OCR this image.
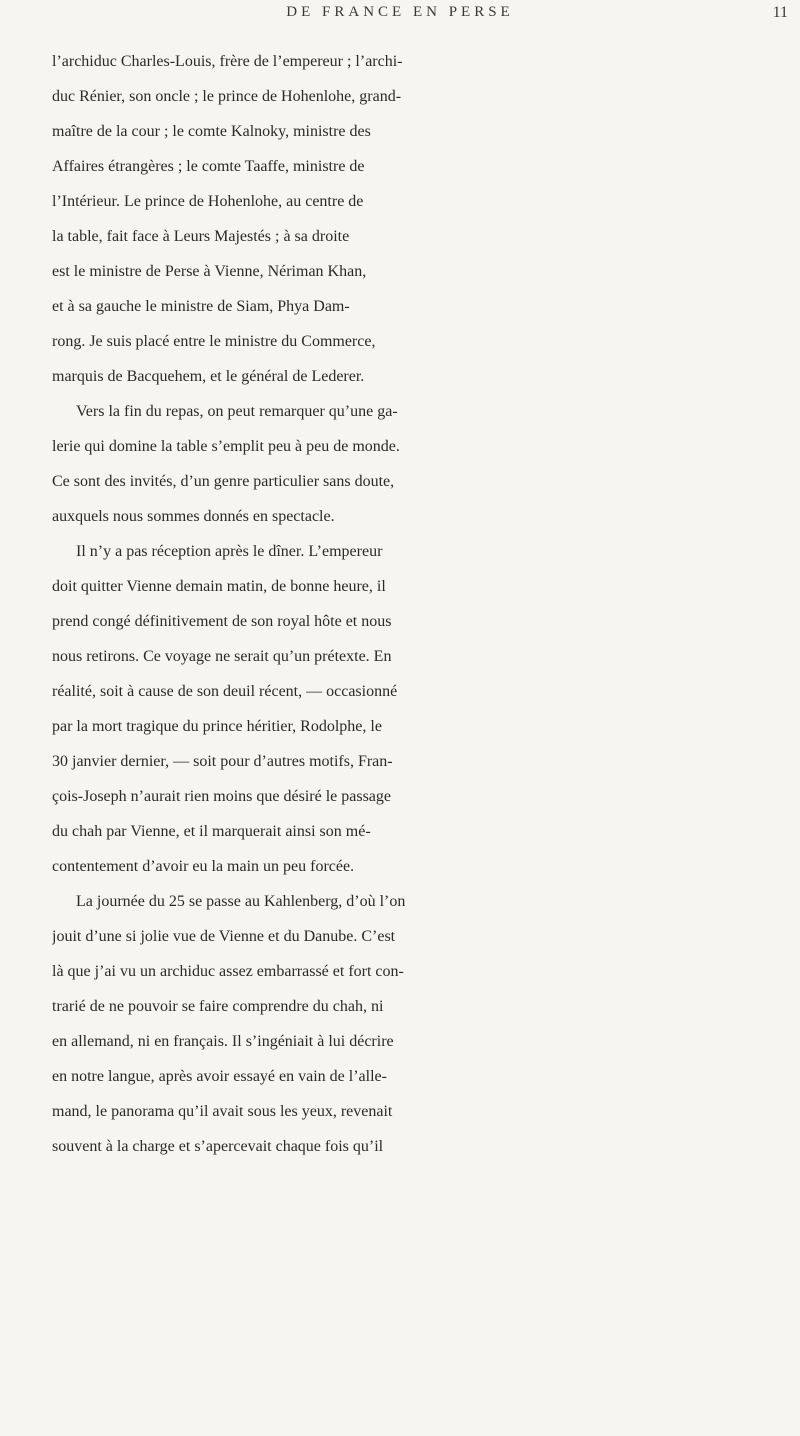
DE FRANCE EN PERSE	11
l’archiduc Charles-Louis, frère de l’empereur ; l’archi-
duc Rénier, son oncle ; le prince de Hohenlohe, grand-
maître de la cour ; le comte Kalnoky, ministre des
Affaires étrangères ; le comte Taaffe, ministre de
l’Intérieur. Le prince de Hohenlohe, au centre de
la table, fait face à Leurs Majestés ; à sa droite
est le ministre de Perse à Vienne, Nériman Khan,
et à sa gauche le ministre de Siam, Phya Dam-
rong. Je suis placé entre le ministre du Commerce,
marquis de Bacquehem, et le général de Lederer.
Vers la fin du repas, on peut remarquer qu’une ga-
lerie qui domine la table s’emplit peu à peu de monde.
Ce sont des invités, d’un genre particulier sans doute,
auxquels nous sommes donnés en spectacle.
Il n’y a pas réception après le dîner. L’empereur
doit quitter Vienne demain matin, de bonne heure, il
prend congé définitivement de son royal hôte et nous
nous retirons. Ce voyage ne serait qu’un prétexte. En
réalité, soit à cause de son deuil récent, — occasionné
par la mort tragique du prince héritier, Rodolphe, le
30 janvier dernier, — soit pour d’autres motifs, Fran-
çois-Joseph n’aurait rien moins que désiré le passage
du chah par Vienne, et il marquerait ainsi son mé-
contentement d’avoir eu la main un peu forcée.
La journée du 25 se passe au Kahlenberg, d’où l’on
jouit d’une si jolie vue de Vienne et du Danube. C’est
là que j’ai vu un archiduc assez embarrassé et fort con-
trarié de ne pouvoir se faire comprendre du chah, ni
en allemand, ni en français. Il s’ingéniait à lui décrire
en notre langue, après avoir essayé en vain de l’alle-
mand, le panorama qu’il avait sous les yeux, revenait
souvent à la charge et s’apercevait chaque fois qu’il
